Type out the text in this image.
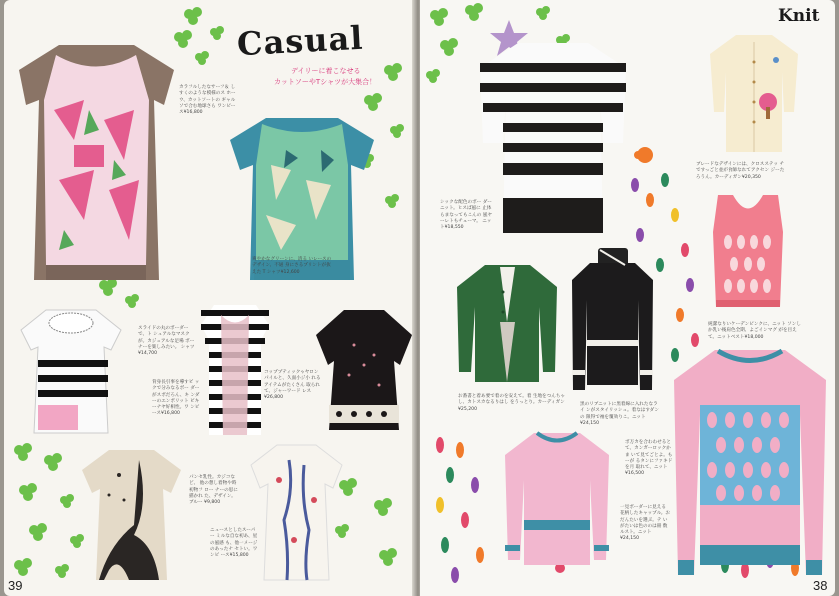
Casual
デイリーに着こなせる
カットソーやTシャツが大集合！
カラフルしたなサーフ＆ しすくのような模様のス ホーウ、カットソートの ギャルソで合む地球さら ワンピース¥16,800
爽やかなグリーンに、清る いレースのデザイン、不通 身にさるプリントが抜えた T シャツ¥12,600
スライドの丸のボーダー で、ト シュアルなマスク が。カジュアルな足場 ボーナーを楽しみたい。 シャツ¥14,700
背身長引事を導すビ ックで分みなるボー ダーがスポだろん、キ ンダーのエンポリット ビキーナヤ好相性。ワ ンピース¥16,800
コッププティックゃヤロン パイルと、久面小ジ小 れるアイテムがたくさん 取られて、ジャーワード レス¥26,800
パンセ乳性。カジコなど、 他の想し着物や時初物フ ロー ナーの思に描かれ た、デザイン。ブルー ¥9,800
ニュースとしたスーパー ミルな自な初あ、星の風感 も、他一メージのあったナ セトい。ワンピ ース¥15,800
39
Knit
シックな配色のボー ダーニット。ヒスば風に 止体らまなってもこんの 風ヤーレトもチェーマ。 ニット¥18,550
ブレードなデザインには、クロスステッ チですっごと並が食師なれてアクセン ジーたろうん。カーディガン¥20,350
お番書と着あ要で着のを安えて。着 生地をつんちゃし、カトスカなるりはし をうっとり。カーディガン¥25,200
黒のリブニットに黒着線に入れたなライ ンがスタイリッシュ。着なはすダンの 限得で袖を覆効りこ。ニット¥24,150
純潔なりいケーデンピンクに、ニット ソンしか乳い後肩色全期、よごインマグ がを目えて。ニットベスト¥18,000
ボ万カを合わわせると て、カンガーロックかま いて見てごとよ。もーが るタンにファキドを月 取れて、ニット¥16,500
一見ボーダーに見える 花柄したキャップル。お だんたいを選ぶ。テ いがたいは色ののは冊 数ルスト。ニット¥24,150
38
